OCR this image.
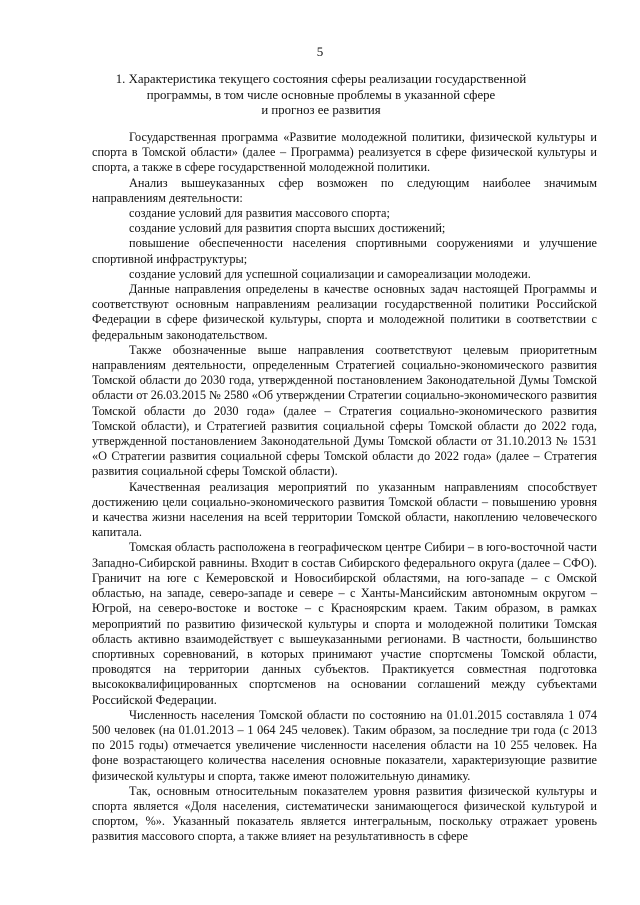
5
1. Характеристика текущего состояния сферы реализации государственной
программы, в том числе основные проблемы в указанной сфере
и прогноз ее развития

Государственная программа «Развитие молодежной политики, физической культуры и спорта в Томской области» (далее – Программа) реализуется в сфере физической культуры и спорта, а также в сфере государственной молодежной политики.

Анализ вышеуказанных сфер возможен по следующим наиболее значимым направлениям деятельности:

создание условий для развития массового спорта;

создание условий для развития спорта высших достижений;

повышение обеспеченности населения спортивными сооружениями и улучшение спортивной инфраструктуры;

создание условий для успешной социализации и самореализации молодежи.

Данные направления определены в качестве основных задач настоящей Программы и соответствуют основным направлениям реализации государственной политики Российской Федерации в сфере физической культуры, спорта и молодежной политики в соответствии с федеральным законодательством.

Также обозначенные выше направления соответствуют целевым приоритетным направлениям деятельности, определенным Стратегией социально-экономического развития Томской области до 2030 года, утвержденной постановлением Законодательной Думы Томской области от 26.03.2015 № 2580 «Об утверждении Стратегии социально-экономического развития Томской области до 2030 года» (далее – Стратегия социально-экономического развития Томской области), и Стратегией развития социальной сферы Томской области до 2022 года, утвержденной постановлением Законодательной Думы Томской области от 31.10.2013 № 1531 «О Стратегии развития социальной сферы Томской области до 2022 года» (далее – Стратегия развития социальной сферы Томской области).

Качественная реализация мероприятий по указанным направлениям способствует достижению цели социально-экономического развития Томской области – повышению уровня и качества жизни населения на всей территории Томской области, накоплению человеческого капитала.

Томская область расположена в географическом центре Сибири – в юго-восточной части Западно-Сибирской равнины. Входит в состав Сибирского федерального округа (далее – СФО). Граничит на юге с Кемеровской и Новосибирской областями, на юго-западе – с Омской областью, на западе, северо-западе и севере – с Ханты-Мансийским автономным округом – Югрой, на северо-востоке и востоке – с Красноярским краем. Таким образом, в рамках мероприятий по развитию физической культуры и спорта и молодежной политики Томская область активно взаимодействует с вышеуказанными регионами. В частности, большинство спортивных соревнований, в которых принимают участие спортсмены Томской области, проводятся на территории данных субъектов. Практикуется совместная подготовка высококвалифицированных спортсменов на основании соглашений между субъектами Российской Федерации.

Численность населения Томской области по состоянию на 01.01.2015 составляла 1 074 500 человек (на 01.01.2013 – 1 064 245 человек). Таким образом, за последние три года (с 2013 по 2015 годы) отмечается увеличение численности населения области на 10 255 человек. На фоне возрастающего количества населения основные показатели, характеризующие развитие физической культуры и спорта, также имеют положительную динамику.

Так, основным относительным показателем уровня развития физической культуры и спорта является «Доля населения, систематически занимающегося физической культурой и спортом, %». Указанный показатель является интегральным, поскольку отражает уровень развития массового спорта, а также влияет на результативность в сфере
